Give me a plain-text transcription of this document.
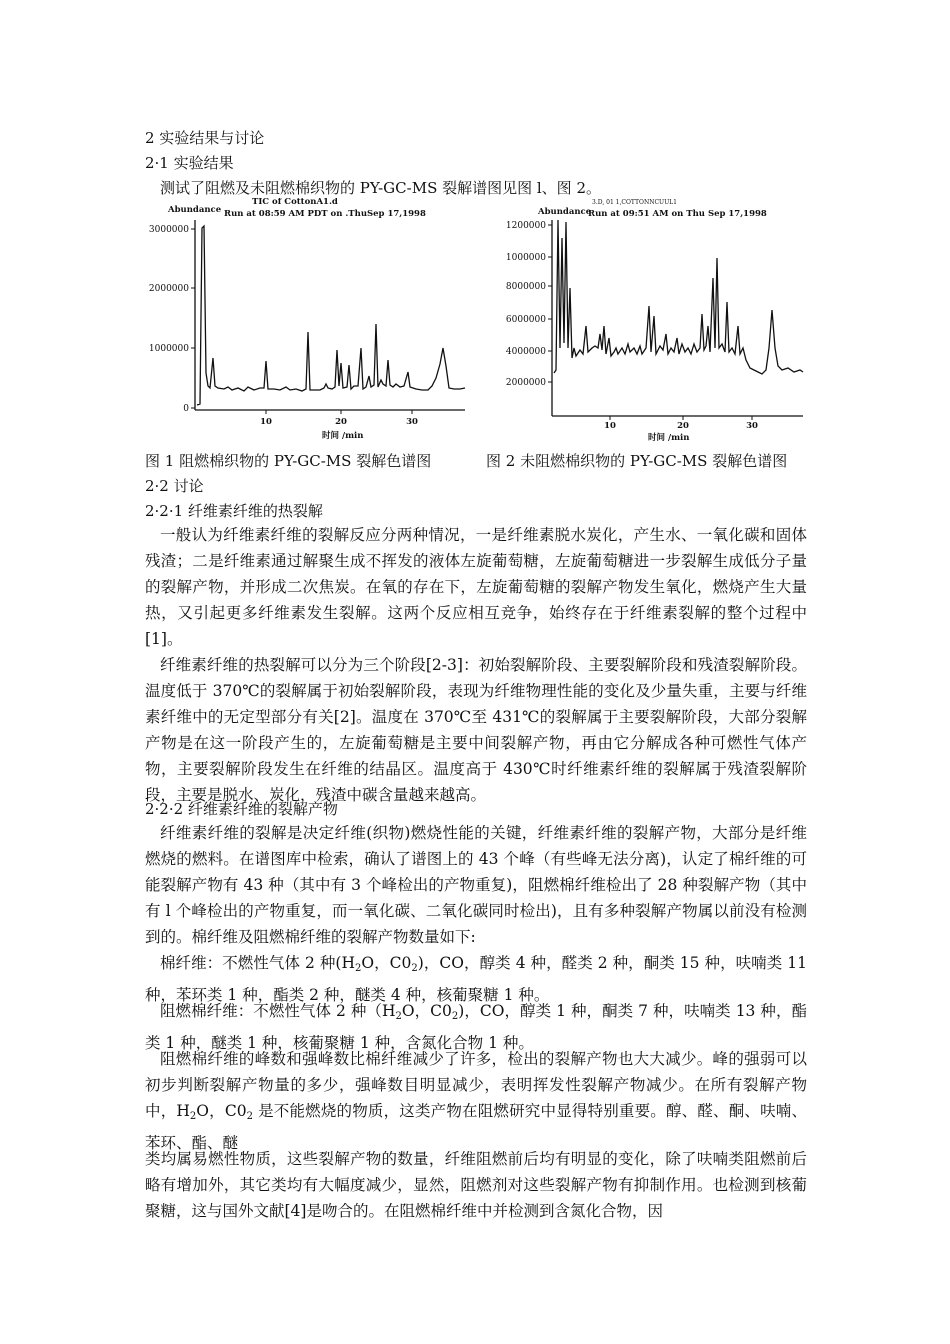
2 实验结果与讨论
2·1 实验结果
测试了阻燃及未阻燃棉织物的 PY-GC-MS 裂解谱图见图 l、图 2。
Abundance
TIC of CottonA1.d
Run at 08:59 AM PDT on .ThuSep 17,1998
3000000
2000000
1000000
0
10	20	30
时间 /min
Abundance
3.D, 01 1,COTTONNCUUL1
Run at 09:51 AM on Thu Sep 17,1998
1200000
1000000
8000000
6000000
4000000
2000000
10	20	30
时间 /min
图 1 阻燃棉织物的 PY-GC-MS 裂解色谱图	图 2 未阻燃棉织物的 PY-GC-MS 裂解色谱图
2·2 讨论
2·2·1 纤维素纤维的热裂解
一般认为纤维素纤维的裂解反应分两种情况，一是纤维素脱水炭化，产生水、一氧化碳和固体残渣；二是纤维素通过解聚生成不挥发的液体左旋葡萄糖，左旋葡萄糖进一步裂解生成低分子量的裂解产物，并形成二次焦炭。在氧的存在下，左旋葡萄糖的裂解产物发生氧化，燃烧产生大量热，又引起更多纤维素发生裂解。这两个反应相互竞争，始终存在于纤维素裂解的整个过程中[1]。
纤维素纤维的热裂解可以分为三个阶段[2-3]：初始裂解阶段、主要裂解阶段和残渣裂解阶段。温度低于 370℃的裂解属于初始裂解阶段，表现为纤维物理性能的变化及少量失重，主要与纤维素纤维中的无定型部分有关[2]。温度在 370℃至 431℃的裂解属于主要裂解阶段，大部分裂解产物是在这一阶段产生的，左旋葡萄糖是主要中间裂解产物，再由它分解成各种可燃性气体产物，主要裂解阶段发生在纤维的结晶区。温度高于 430℃时纤维素纤维的裂解属于残渣裂解阶段，主要是脱水、炭化，残渣中碳含量越来越高。
2·2·2 纤维素纤维的裂解产物
纤维素纤维的裂解是决定纤维(织物)燃烧性能的关键，纤维素纤维的裂解产物，大部分是纤维燃烧的燃料。在谱图库中检索，确认了谱图上的 43 个峰（有些峰无法分离)，认定了棉纤维的可能裂解产物有 43 种（其中有 3 个峰检出的产物重复)，阻燃棉纤维检出了 28 种裂解产物（其中有 l 个峰检出的产物重复，而一氧化碳、二氧化碳同时检出)，且有多种裂解产物属以前没有检测到的。棉纤维及阻燃棉纤维的裂解产物数量如下:
棉纤维：不燃性气体 2 种($H_2O$，$C0_2$)，CO，醇类 4 种，醛类 2 种，酮类 15 种，呋喃类 11 种，苯环类 1 种，酯类 2 种，醚类 4 种，核葡聚糖 1 种。
阻燃棉纤维：不燃性气体 2 种（$H_2O$，$C0_2$)，CO，醇类 1 种，酮类 7 种，呋喃类 13 种，酯类 1 种，醚类 1 种，核葡聚糖 1 种，含氮化合物 1 种。
阻燃棉纤维的峰数和强峰数比棉纤维减少了许多，检出的裂解产物也大大减少。峰的强弱可以初步判断裂解产物量的多少，强峰数目明显减少，表明挥发性裂解产物减少。在所有裂解产物中，$H_2O$，$C0_2$ 是不能燃烧的物质，这类产物在阻燃研究中显得特别重要。醇、醛、酮、呋喃、苯环、酯、醚
类均属易燃性物质，这些裂解产物的数量，纤维阻燃前后均有明显的变化，除了呋喃类阻燃前后略有增加外，其它类均有大幅度减少，显然，阻燃剂对这些裂解产物有抑制作用。也检测到核葡聚糖，这与国外文献[4]是吻合的。在阻燃棉纤维中并检测到含氮化合物，因
